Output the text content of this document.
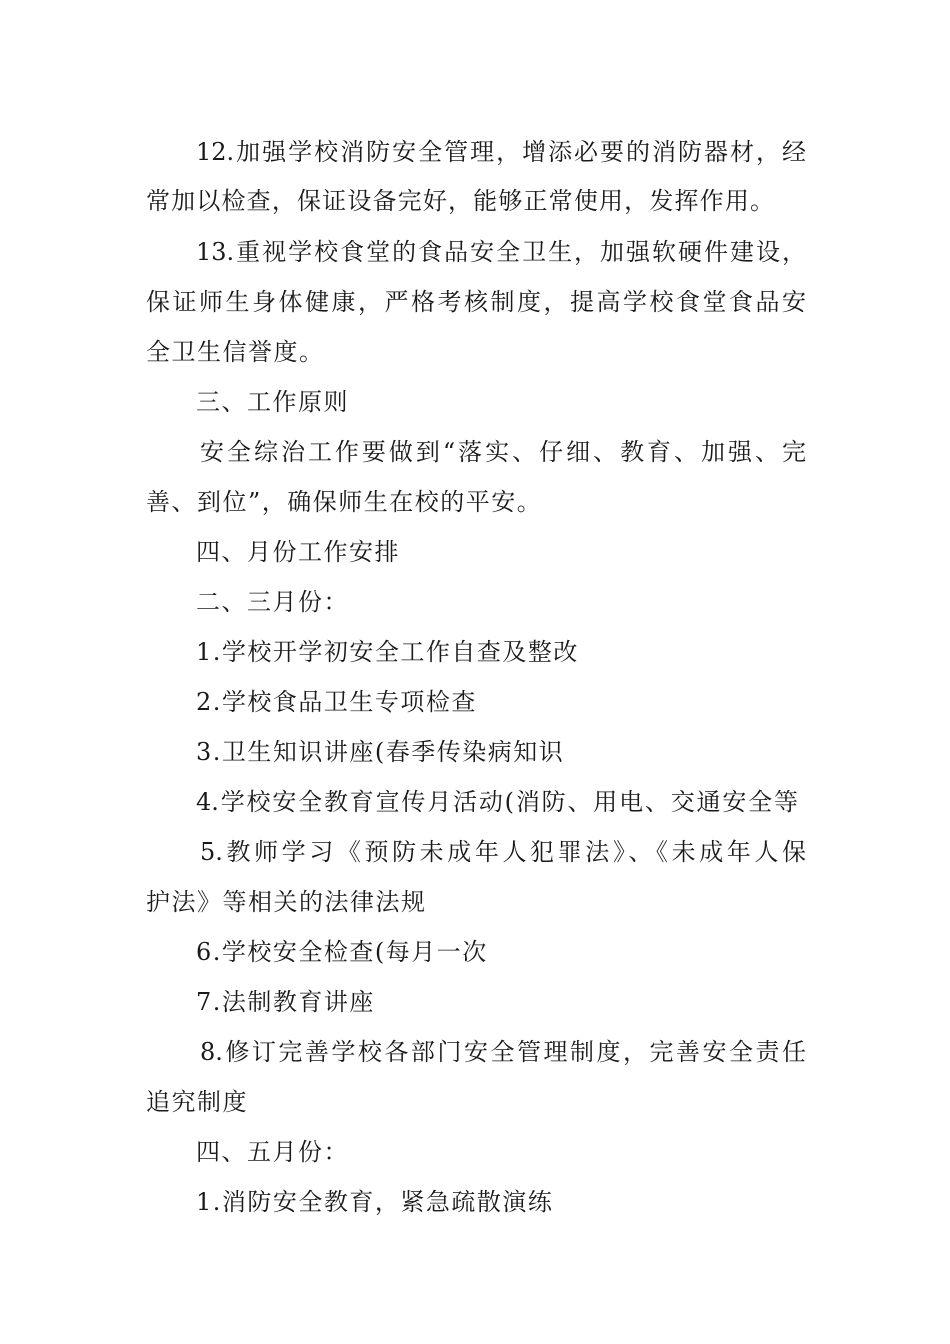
12.加强学校消防安全管理，增添必要的消防器材，经
常加以检查，保证设备完好，能够正常使用，发挥作用。
13.重视学校食堂的食品安全卫生，加强软硬件建设，
保证师生身体健康，严格考核制度，提高学校食堂食品安
全卫生信誉度。
三、工作原则
安全综治工作要做到“落实、仔细、教育、加强、完
善、到位”，确保师生在校的平安。
四、月份工作安排
二、三月份：
1.学校开学初安全工作自查及整改
2.学校食品卫生专项检查
3.卫生知识讲座(春季传染病知识
4.学校安全教育宣传月活动(消防、用电、交通安全等
5.教师学习《预防未成年人犯罪法》、《未成年人保
护法》等相关的法律法规
6.学校安全检查(每月一次
7.法制教育讲座
8.修订完善学校各部门安全管理制度，完善安全责任
追究制度
四、五月份：
1.消防安全教育，紧急疏散演练
